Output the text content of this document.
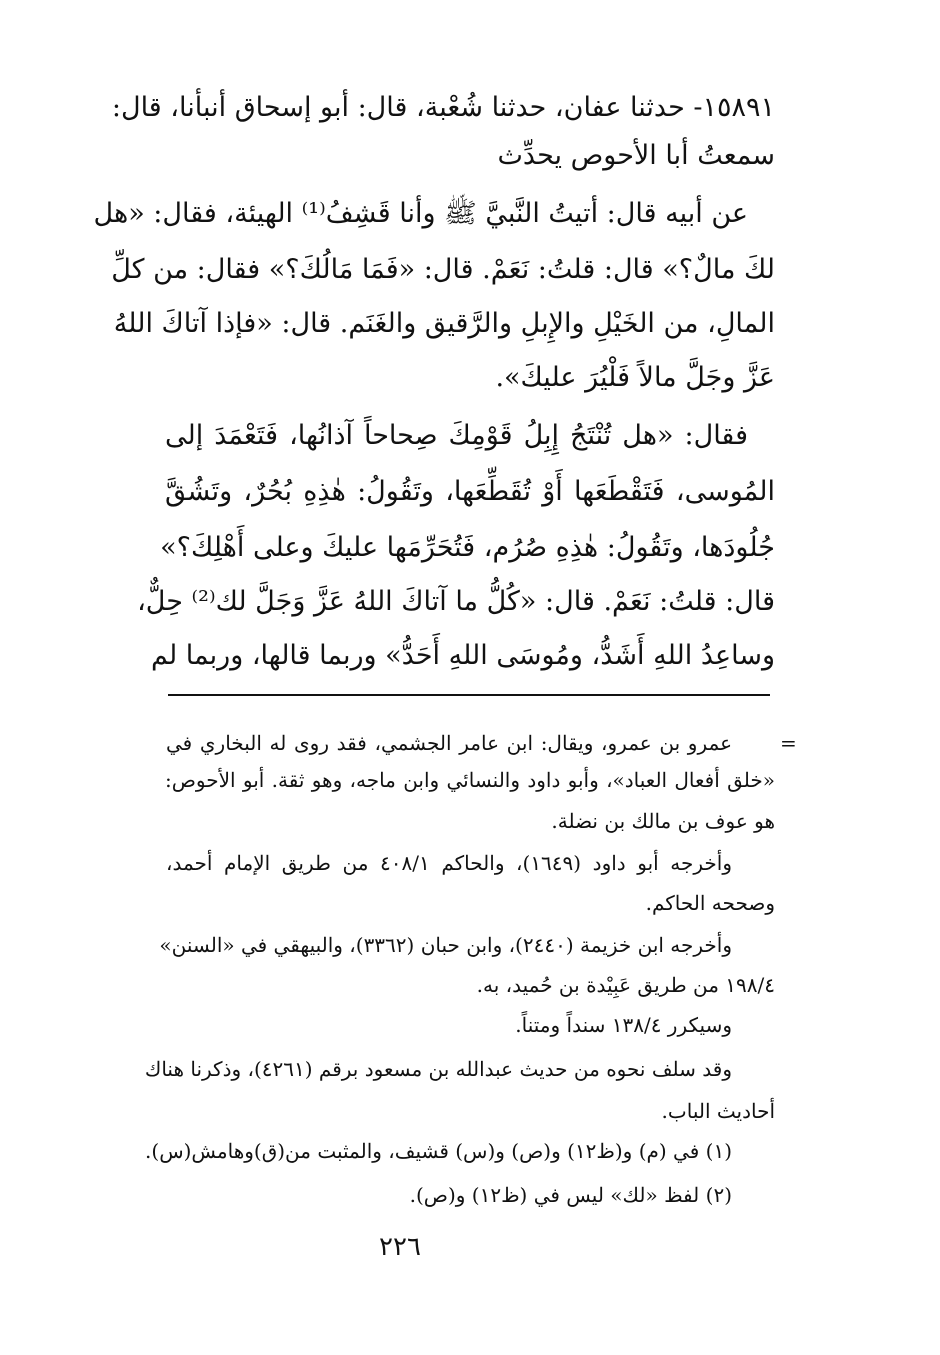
١٥٨٩١- حدثنا عفان، حدثنا شُعْبة، قال: أبو إسحاق أنبأنا، قال:
سمعتُ أبا الأحوص يحدِّث
عن أبيه قال: أتيتُ النَّبيَّ ﷺ وأنا قَشِفُ⁽¹⁾ الهيئة، فقال: «هل
لكَ مالٌ؟» قال: قلتُ: نَعَمْ. قال: «فَمَا مَالُكَ؟» فقال: من كلِّ
المالِ، من الخَيْلِ والإِبلِ والرَّقيق والغَنَم. قال: «فإذا آتاكَ اللهُ
عَزَّ وجَلَّ مالاً فَلْيُرَ عليكَ».
فقال: «هل تُنْتَجُ إِبِلُ قَوْمِكَ صِحاحاً آذانُها، فَتَعْمَدَ إلى
المُوسى، فَتَقْطَعَها أَوْ تُقَطِّعَها، وتَقُولُ: هٰذِهِ بُحُرٌ، وتَشُقَّ
جُلُودَها، وتَقُولُ: هٰذِهِ صُرُم، فَتُحَرِّمَها عليكَ وعلى أَهْلِكَ؟»
قال: قلتُ: نَعَمْ. قال: «كُلُّ ما آتاكَ اللهُ عَزَّ وَجَلَّ لك⁽²⁾ حِلٌّ،
وساعِدُ اللهِ أَشَدُّ، ومُوسَى اللهِ أَحَدُّ» وربما قالها، وربما لم
=
عمرو بن عمرو، ويقال: ابن عامر الجشمي، فقد روى له البخاري في
«خلق أفعال العباد»، وأبو داود والنسائي وابن ماجه، وهو ثقة. أبو الأحوص:
هو عوف بن مالك بن نضلة.
وأخرجه أبو داود (١٦٤٩)، والحاكم ٤٠٨/١ من طريق الإمام أحمد،
وصححه الحاكم.
وأخرجه ابن خزيمة (٢٤٤٠)، وابن حبان (٣٣٦٢)، والبيهقي في «السنن»
١٩٨/٤ من طريق عَبِيْدة بن حُميد، به.
وسيكرر ١٣٨/٤ سنداً ومتناً.
وقد سلف نحوه من حديث عبدالله بن مسعود برقم (٤٢٦١)، وذكرنا هناك
أحاديث الباب.
(١) في (م) و(ظ١٢) و(ص) و(س) قشيف، والمثبت من(ق)وهامش(س).
(٢) لفظ «لك» ليس في (ظ١٢) و(ص).
٢٢٦
